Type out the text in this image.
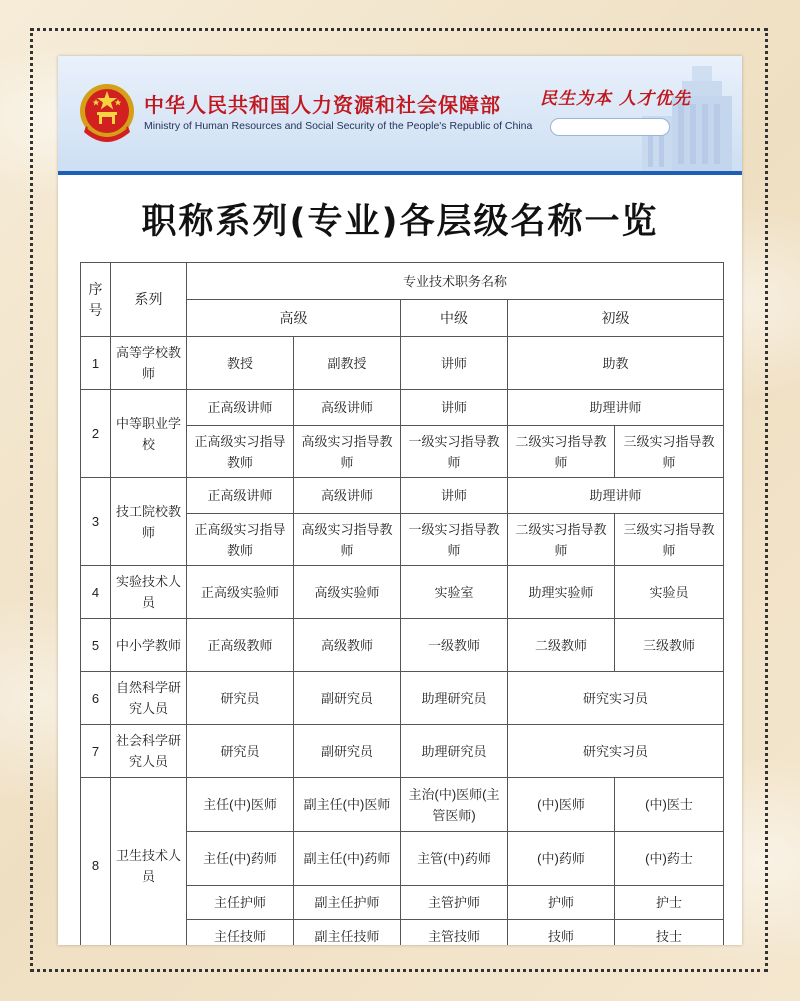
中华人民共和国人力资源和社会保障部
Ministry of Human Resources and Social Security of the People's Republic of China
民生为本 人才优先
职称系列(专业)各层级名称一览
序号	系列	专业技术职务名称				
		高级		中级	初级	
1	高等学校教师	教授	副教授	讲师	助教	
2	中等职业学校	正高级讲师	高级讲师	讲师	助理讲师	
		正高级实习指导教师	高级实习指导教师	一级实习指导教师	二级实习指导教师	三级实习指导教师
3	技工院校教师	正高级讲师	高级讲师	讲师	助理讲师	
		正高级实习指导教师	高级实习指导教师	一级实习指导教师	二级实习指导教师	三级实习指导教师
4	实验技术人员	正高级实验师	高级实验师	实验室	助理实验师	实验员
5	中小学教师	正高级教师	高级教师	一级教师	二级教师	三级教师
6	自然科学研究人员	研究员	副研究员	助理研究员	研究实习员	
7	社会科学研究人员	研究员	副研究员	助理研究员	研究实习员	
8	卫生技术人员	主任(中)医师	副主任(中)医师	主治(中)医师(主管医师)	(中)医师	(中)医士
		主任(中)药师	副主任(中)药师	主管(中)药师	(中)药师	(中)药士
		主任护师	副主任护师	主管护师	护师	护士
		主任技师	副主任技师	主管技师	技师	技士
